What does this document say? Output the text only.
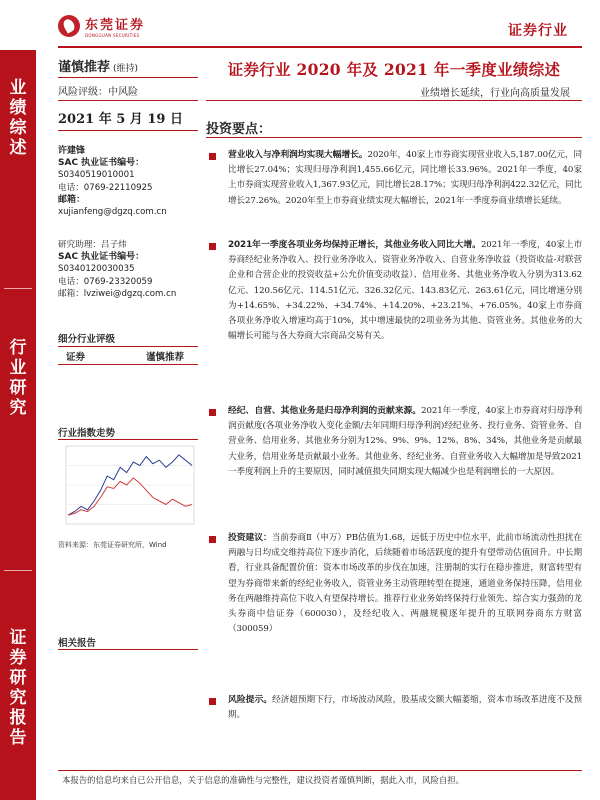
东莞证券
DONGGUAN SECURITIES	证券行业
业
绩
综
述
行
业
研
究
证
券
研
究
报
告
谨慎推荐 (维持)
风险评级：中风险
2021 年 5 月 19 日
许建锋
SAC 执业证书编号：
S0340519010001
电话：0769-22110925
邮箱：
xujianfeng@dgzq.com.cn
研究助理：吕子炜
SAC 执业证书编号：
S0340120030035
电话：0769-23320059
邮箱：lvziwei@dgzq.com.cn
细分行业评级
证券	谨慎推荐
行业指数走势
资料来源：东莞证券研究所，Wind
相关报告
证券行业 2020 年及 2021 年一季度业绩综述
业绩增长延续，行业向高质量发展
投资要点：
营业收入与净利润均实现大幅增长。2020年，40家上市券商实现营业收入5,187.00亿元，同比增长27.04%；实现归母净利润1,455.66亿元，同比增长33.96%。2021年一季度，40家上市券商实现营业收入1,367.93亿元，同比增长28.17%；实现归母净利润422.32亿元，同比增长27.26%。2020年至上市券商业绩实现大幅增长，2021年一季度券商业绩增长延续。
2021年一季度各项业务均保持正增长，其他业务收入同比大增。2021年一季度，40家上市券商经纪业务净收入、投行业务净收入、资管业务净收入、自营业务净收益（投资收益-对联营企业和合营企业的投资收益+公允价值变动收益）、信用业务、其他业务净收入分别为313.62亿元、120.56亿元、114.51亿元、326.32亿元、143.83亿元、263.61亿元，同比增速分别为+14.65%、+34.22%、+34.74%、+14.20%、+23.21%、+76.05%。40家上市券商各项业务净收入增速均高于10%，其中增速最快的2项业务为其他、资管业务。其他业务的大幅增长可能与各大券商大宗商品交易有关。
经纪、自营、其他业务是归母净利润的贡献来源。2021年一季度，40家上市券商对归母净利润贡献度(各项业务净收入变化金额/去年同期归母净利润)经纪业务、投行业务、资管业务、自营业务、信用业务、其他业务分别为12%、9%、9%、12%、8%、34%，其他业务是贡献最大业务，信用业务是贡献最小业务。其他业务、经纪业务、自营业务收入大幅增加是导致2021一季度利润上升的主要原因，同时减值损失同期实现大幅减少也是利润增长的一大原因。
投资建议：当前券商Ⅱ（申万）PB估值为1.68，远低于历史中位水平，此前市场流动性担扰在两融与日均成交维持高位下逐步消化，后续随着市场活跃度的提升有望带动估值回升。中长期看，行业具备配置价值：资本市场改革的步伐在加速，注册制的实行在稳步推进，财富转型有望为券商带来新的经纪业务收入，资管业务主动管理转型在提速，通道业务保持压降，信用业务在两融维持高位下收入有望保持增长。推荐行业业务始终保持行业领先、综合实力强劲的龙头券商中信证券（600030），及经纪收入、两融规模逐年提升的互联网券商东方财富（300059）
风险提示。经济超预期下行，市场波动风险，股基成交额大幅萎缩，资本市场改革进度不及预期。
本报告的信息均来自已公开信息，关于信息的准确性与完整性，建议投资者谨慎判断，据此入市，风险自担。
